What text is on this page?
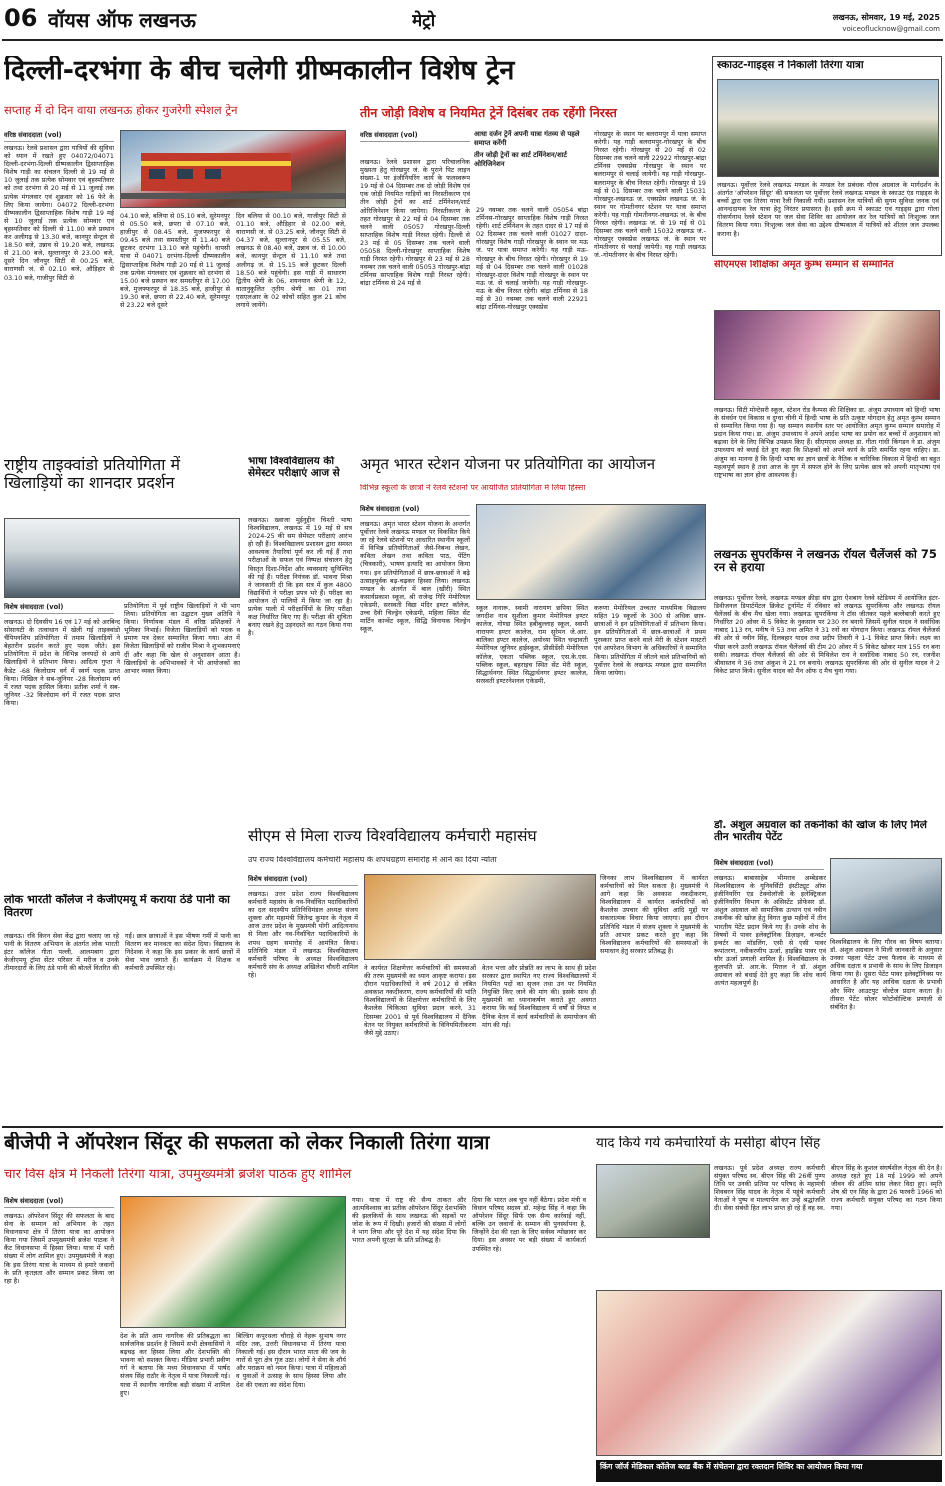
06 वॉयस ऑफ लखनऊ	मेट्रो	लखनऊ, सोमवार, 19 मई, 2025
voiceoflucknow@gmail.com
दिल्ली-दरभंगा के बीच चलेगी ग्रीष्मकालीन विशेष ट्रेन
सप्ताह में दो दिन वाया लखनऊ होकर गुजरेगी स्पेशल ट्रेन
वरिष्ठ संवाददाता (vol)
लखनऊ। रेलवे प्रशासन द्वारा यात्रियों की सुविधा को ध्यान में रखते हुए 04072/04071 दिल्ली-दरभंगा-दिल्ली ग्रीष्मकालीन द्विसाप्ताहिक विशेष गाड़ी का संचलन दिल्ली से 19 मई से 10 जुलाई तक प्रत्येक सोमवार एवं बृहस्पतिवार को तथा दरभंगा से 20 मई से 11 जुलाई तक प्रत्येक मंगलवार एवं शुक्रवार को 16 फेरे के लिए किया जायेगा। 04072 दिल्ली-दरभंगा ग्रीष्मकालीन द्विसाप्ताहिक विशेष गाड़ी 19 मई से 10 जुलाई तक प्रत्येक सोमवार एवं बृहस्पतिवार को दिल्ली से 11.00 बजे प्रस्थान कर अलीगढ़ से 13.30 बजे, कानपुर सेन्ट्रल से 18.50 बजे, उन्नाव से 19.20 बजे, लखनऊ से 21.00 बजे, सुल्तानपुर से 23.00 बजे, दूसरे दिन जौनपुर सिटी से 00.25 बजे, वाराणसी जं. से 02.10 बजे, औड़िहार से 03.10 बजे, गाजीपुर सिटी से
04.10 बजे, बलिया से 05.10 बजे, सुरेमनपुर से 05.50 बजे, छपरा से 07.10 बजे, हाजीपुर से 08.45 बजे, मुजफ्फरपुर से 09.45 बजे तथा समस्तीपुर से 11.40 बजे छूटकर दरभंगा 13.10 बजे पहुंचेगी। वापसी यात्रा में 04071 दरभंगा-दिल्ली ग्रीष्मकालीन द्विसाप्ताहिक विशेष गाड़ी 20 मई से 11 जुलाई तक प्रत्येक मंगलवार एवं शुक्रवार को दरभंगा से 15.00 बजे प्रस्थान कर समस्तीपुर से 17.00 बजे, मुजफ्फरपुर से 18.35 बजे, हाजीपुर से 19.30 बजे, छपरा से 22.40 बजे, सुरेमनपुर से 23.22 बजे दूसरे
दिन बलिया से 00.10 बजे, गाजीपुर सिटी से 01.10 बजे, औड़िहार से 02.00 बजे, वाराणसी जं. से 03.25 बजे, जौनपुर सिटी से 04.37 बजे, सुल्तानपुर से 05.55 बजे, लखनऊ से 08.40 बजे, उन्नाव जं. से 10.00 बजे, कानपुर सेन्ट्रल से 11.10 बजे तथा अलीगढ़ जं. से 15.15 बजे छूटकर दिल्ली 18.50 बजे पहुंचेगी। इस गाड़ी में साधारण द्वितीय श्रेणी के 06, शयनयान श्रेणी के 12, वातानुकूलित तृतीय श्रेणी का 01 तथा एसएलआर के 02 कोचों सहित कुल 21 कोच लगाये जायेंगे।
तीन जोड़ी विशेष व नियमित ट्रेनें दिसंबर तक रहेंगी निरस्त
वरिष्ठ संवाददाता (vol)	आधा दर्जन ट्रेनें अपनी यात्रा गंतव्य से पहले समाप्त करेंगी
तीन जोड़ी ट्रेनों का शार्ट टर्मिनेशन/शार्ट ओरिजिनेशन
लखनऊ। रेलवे प्रशासन द्वारा परिचालनिक मुख्यता हेतु गोरखपुर जं. के पुराने पिट लाइन संख्या-1 पर इंजीनियरिंग कार्य के फलस्वरूप 19 मई से 04 दिसम्बर तक दो जोड़ी विशेष एवं एक जोड़ी नियमित गाड़ियों का निरस्तीकरण एवं तीन जोड़ी ट्रेनों का शार्ट टर्मिनेशन/शार्ट ओरिजिनेशन किया जायेगा। निरस्तीकरण के तहत गोरखपुर से 22 मई से 04 दिसम्बर तक चलने वाली 05057 गोरखपुर-दिल्ली साप्ताहिक विशेष गाड़ी निरस्त रहेगी। दिल्ली से 23 मई से 05 दिसम्बर तक चलने वाली 05058 दिल्ली-गोरखपुर साप्ताहिक विशेष गाड़ी निरस्त रहेगी। गोरखपुर से 23 मई से 28 नवम्बर तक चलने वाली 05053 गोरखपुर-बांद्रा टर्मिनस साप्ताहिक विशेष गाड़ी निरस्त रहेगी। बांद्रा टर्मिनस से 24 मई से
29 नवम्बर तक चलने वाली 05054 बांद्रा टर्मिनस-गोरखपुर साप्ताहिक विशेष गाड़ी निरस्त रहेगी। शार्ट टर्मिनेशन के तहत दादर से 17 मई से 02 दिसम्बर तक चलने वाली 01027 दादर-गोरखपुर विशेष गाड़ी गोरखपुर के स्थान पर मऊ जं. पर यात्रा समाप्त करेगी। यह गाड़ी मऊ-गोरखपुर के बीच निरस्त रहेगी। गोरखपुर से 19 मई से 04 दिसम्बर तक चलने वाली 01028 गोरखपुर-दादर विशेष गाड़ी गोरखपुर के स्थान पर मऊ जं. से चलाई जायेगी। यह गाड़ी गोरखपुर-मऊ के बीच निरस्त रहेगी। बांद्रा टर्मिनस से 18 मई से 30 नवम्बर तक चलने वाली 22921 बांद्रा टर्मिनस-गोरखपुर एक्सप्रेस
गोरखपुर के स्थान पर बलरामपुर में यात्रा समाप्त करेगी। यह गाड़ी बलरामपुर-गोरखपुर के बीच निरस्त रहेगी। गोरखपुर से 20 मई से 02 दिसम्बर तक चलने वाली 22922 गोरखपुर-बांद्रा टर्मिनस एक्सप्रेस गोरखपुर के स्थान पर बलरामपुर से चलाई जायेगी। यह गाड़ी गोरखपुर-बलरामपुर के बीच निरस्त रहेगी। गोरखपुर से 19 मई से 01 दिसम्बर तक चलने वाली 15031 गोरखपुर-लखनऊ जं. एक्सप्रेस लखनऊ जं. के स्थान पर गोमतीनगर स्टेशन पर यात्रा समाप्त करेगी। यह गाड़ी गोमतीनगर-लखनऊ जं. के बीच निरस्त रहेगी। लखनऊ जं. से 19 मई से 01 दिसम्बर तक चलने वाली 15032 लखनऊ जं.-गोरखपुर एक्सप्रेस लखनऊ जं. के स्थान पर गोमतीनगर से चलाई जायेगी। यह गाड़ी लखनऊ जं.-गोमतीनगर के बीच निरस्त रहेगी।
स्काउट-गाइड्स ने निकाली तिरंगा यात्रा
लखनऊ। पूर्वोत्तर रेलवे लखनऊ मण्डल के मण्डल रेल प्रबंधक गौरव अग्रवाल के मार्गदर्शन के अंतर्गत 'ऑपरेशन सिंदूर' की सफलता पर पूर्वोत्तर रेलवे लखनऊ मण्डल के स्काउट एंड गाइड्स के बच्चों द्वारा एक तिरंगा यात्रा रैली निकाली गयी। प्रशासन रेल यात्रियों की सुगम सुविधा जनक एवं आनन्ददायक रेल यात्रा हेतु निरंतर प्रयासरत है। इसी क्रम में स्काउट एवं गाइड्स द्वारा गोला गोकर्णनाथ रेलवे स्टेशन पर जल सेवा शिविर का आयोजन कर रेल यात्रियों को निःशुल्क जल वितरण किया गया। निःशुल्क जल सेवा का उद्देश्य ग्रीष्मकाल में यात्रियों को शीतल जल उपलब्ध कराना है।
सीएमएस शिक्षिका अमृत कुम्भ सम्मान से सम्मानित
लखनऊ। सिटी मोन्टेसरी स्कूल, स्टेशन रोड कैम्पस की शिक्षिका डा. अंजुम उपाध्याय को हिन्दी भाषा के संवर्धन एवं विकास व दुग्धा चीनी में हिन्दी भाषा के प्रति उत्कृष्ट योगदान हेतु अमृत कुम्भ सम्मान से सम्मानित किया गया है। यह सम्मान स्थानीय स्तर पर आयोजित अमृत कुम्भ सम्मान समारोह में प्रदान किया गया। डा. अंजुम उपाध्याय ने अपने आर्दश भाषा का प्रयोग कर बच्चों में अनुशासन को बढ़ावा देने के लिए विभिन्न उपक्रम किए हैं। सीएमएस अध्यक्ष डा. गीता गांधी किंगडन ने डा. अंजुम उपाध्याय को बधाई देते हुए कहा कि शिक्षकों को अपने कार्य के प्रति समर्पित रहना चाहिए। डा. अंजुम का मानना है कि हिन्दी भाषा का ज्ञान छात्रों के नैतिक व चारित्रिक विकास में हिन्दी का बहुत महत्वपूर्ण स्थान है तथा आज के युग में सफल होने के लिए प्रत्येक छात्र को अपनी मातृभाषा एवं राष्ट्रभाषा का ज्ञान होना आवश्यक है।
लखनऊ सुपरकिंग्स ने लखनऊ रॉयल चैलेंजर्स को 75 रन से हराया
लखनऊ। पूर्वोत्तर रेलवे, लखनऊ मण्डल क्रीड़ा संघ द्वारा ऐशबाग रेलवे स्टेडियम में आयोजित इंटर-डिवीजनल डिपार्टमेंटल क्रिकेट टूर्नामेंट में रविवार को लखनऊ सुपरकिंग्स और लखनऊ रॉयल चैलेंजर्स के बीच मैच खेला गया। लखनऊ सुपरकिंग्स ने टॉस जीतकर पहले बल्लेबाजी करते हुए निर्धारित 20 ओवर में 5 विकेट के नुकसान पर 230 रन बनाये जिसमें सुनील यादव ने सर्वाधिक नाबाद 113 रन, मनीष ने 53 तथा अमित ने 31 रनों का योगदान किया। लखनऊ रॉयल चैलेंजर्स की ओर से नवीन सिंह, दिलबहार यादव तथा प्रदीप तिवारी ने 1-1 विकेट प्राप्त किये। लक्ष्य का पीछा करने उतरी लखनऊ रॉयल चैलेंजर्स की टीम 20 ओवर में 5 विकेट खोकर मात्र 155 रन बना सकी। लखनऊ रॉयल चैलेंजर्स की ओर से मिथिलेश राय ने सर्वाधिक नाबाद 50 रन, रजनीश श्रीवास्तव ने 36 तथा अंकुश ने 21 रन बनाये। लखनऊ सुपरकिंग्स की ओर से सुनील यादव ने 2 विकेट प्राप्त किये। सुनील यादव को मैन ऑफ द मैच चुना गया।
राष्ट्रीय ताइक्वांडो प्रतियोगिता में खिलाड़ियों का शानदार प्रदर्शन
विशेष संवाददाता (vol)
लखनऊ। दो दिवसीय 16 एवं 17 मई को अरबिन्द सोसायटी के तत्वाधान में खेली गई ताइक्वांडो चैंपियनशिप प्रतियोगिता में तमाम खिलाड़ियों ने बेहतरीन प्रदर्शन करते हुए पदक जीते। इस प्रतियोगिता में प्रदेश के विभिन्न जनपदों से आये खिलाड़ियों ने प्रतिभाग किया। आदित्य गुप्ता ने कैडेट -68 किलोग्राम वर्ग में स्वर्ण पदक प्राप्त किया। निखिल ने सब-जूनियर -28 किलोग्राम वर्ग में रजत पदक हासिल किया। प्रतीक शर्मा ने सब-जूनियर -32 किलोग्राम वर्ग में रजत पदक प्राप्त किया।
प्रतियोगिता में पूर्व राष्ट्रीय खिलाड़ियों ने भी भाग लिया। प्रतियोगिता का उद्घाटन मुख्य अतिथि ने किया। निर्णायक मंडल में वरिष्ठ प्रशिक्षकों ने भूमिका निभाई। विजेता खिलाड़ियों को पदक व प्रमाण पत्र देकर सम्मानित किया गया। अंत में विजेता खिलाड़ियों को राजीव मिश्रा ने शुभकामनाएं दीं और कहा कि खेल से अनुशासन आता है। खिलाड़ियों के अभिभावकों ने भी आयोजकों का आभार व्यक्त किया।
भाषा विश्वविद्यालय की सेमेस्टर परीक्षाएं आज से
लखनऊ। ख्वाजा मुईनुद्दीन चिश्ती भाषा विश्वविद्यालय, लखनऊ में 19 मई से सत्र 2024-25 की सम सेमेस्टर परीक्षाएं आरंभ हो रही हैं। विश्वविद्यालय प्रशासन द्वारा समस्त आवश्यक तैयारियां पूर्ण कर ली गई हैं तथा परीक्षाओं के सफल एवं निष्पक्ष संचालन हेतु विस्तृत दिशा-निर्देश और व्यवस्थाएं सुनिश्चित की गई हैं। परीक्षा नियंत्रक डॉ. भावना मिश्रा ने जानकारी दी कि इस सत्र में कुल 4800 विद्यार्थियों ने परीक्षा प्रपत्र भरे हैं। परीक्षा का आयोजन दो पालियों में किया जा रहा है। प्रत्येक पाली में परीक्षार्थियों के लिए परीक्षा कक्ष निर्धारित किए गए हैं। परीक्षा की शुचिता बनाए रखने हेतु उड़नदस्ते का गठन किया गया है।
अमृत भारत स्टेशन योजना पर प्रतियोगिता का आयोजन
विभिन्न स्कूलों के छात्रों ने रेलवे स्टेशनों पर आयोजित प्रतियोगिता में लिया हिस्सा
विशेष संवाददाता (vol)
लखनऊ। अमृत भारत स्टेशन योजना के अन्तर्गत पूर्वोत्तर रेलवे लखनऊ मण्डल पर विकसित किये जा रहे रेलवे स्टेशनों पर आधारित स्थानीय स्कूलों में विभिन्न प्रतियोगिताओं जैसे-निबन्ध लेखन, कविता लेखन तथा कविता पाठ, पेंटिंग (चित्रकारी), भाषण इत्यादि का आयोजन किया गया। इन प्रतियोगिताओं में छात्र-छात्राओं ने बढ़े उत्साहपूर्वक बढ़-चढ़कर हिस्सा लिया। लखनऊ मण्डल के अंतर्गत में बाल (खीरी) स्थित कसार्यप्रकाश स्कूल, श्री राजेन्द्र गिरि मेमोरियल एकेडमी, सरस्वती विद्या मंदिर इण्टर कॉलेज, उच्च दैवी चिल्ड्रेन एकेडमी, महिला स्थित सेंट मार्टिन कान्वेंट स्कूल, सिद्धि विनायक चिल्ड्रेन स्कूल,
स्कूल नानारू, स्वामी नारायण छपिया स्थित जगदीश नाथ सुशीला कुमार मेमोरियल इण्टर कालेज, गोण्डा स्थित हबीबुल्लाह स्कूल, स्वामी नारायण इण्टर कालेज, राम सुरेमन जे.आर. बालिका इण्टर कालेज, अयोध्या स्थित चन्द्रावती मेमोरियल जूनियर हाईस्कूल, प्रीसीडेंसी मेमोरियल कॉलेज, एकता पब्लिक स्कूल, एस.के.एस. पब्लिक स्कूल, बहराइच स्थित सेंट मेरी स्कूल, सिद्धार्थनगर स्थित सिद्धार्थनगर इण्टर कालेज, सरस्वती इण्टरनेशनल एकेडमी,
करुणा मेमोरियल उच्चतर माध्यमिक विद्यालय सहित 19 स्कूलों के 300 से अधिक छात्र-छात्राओं ने इन प्रतियोगिताओं में प्रतिभाग किया। इन प्रतियोगिताओं में छात्र-छात्राओं ने प्रथम पुरस्कार प्राप्त करने वाले मेरी के स्टेशन मास्टरों एवं आपरेशन विभाग के अधिकारियों ने सम्मानित किया। प्रतियोगिता में जीतने वाले प्रतिभागियों को पूर्वोत्तर रेलवे के लखनऊ मण्डल द्वारा सम्मानित किया जायेगा।
सीएम से मिला राज्य विश्वविद्यालय कर्मचारी महासंघ
उप राज्य विश्वविद्यालय कर्मचारी महासंघ के शपथग्रहण समारोह में आने का दिया न्योता
विशेष संवाददाता (vol)
लखनऊ। उत्तर प्रदेश राज्य विश्वविद्यालय कर्मचारी महासंघ के नव-निर्वाचित पदाधिकारियों का दल सदस्यीय प्रतिनिधिमंडल अध्यक्ष संजय शुक्ला और महामंत्री जितेन्द्र कुमार के नेतृत्व में आज उत्तर प्रदेश के मुख्यमंत्री योगी आदित्यनाथ से मिला और नव-निर्वाचित पदाधिकारियों के शपथ ग्रहण समारोह में आमंत्रित किया। प्रतिनिधि मंडल में लखनऊ विश्वविद्यालय कर्मचारी परिषद के अध्यक्ष विश्वविद्यालय कर्मचारी संघ के अध्यक्ष अखिलेश चौधरी शामिल रहे।
ने कार्यरत शिक्षणेत्तर कर्मचारियों की समस्याओं की तरफ मुख्यमंत्री का ध्यान आकृष्ट कराया। इस दौरान पदाधिकारियों ने वर्ष 2012 से लंबित अवकाश नकदीकरण, राज्य कर्मचारियों की भांति विश्वविद्यालयों के शिक्षणेत्तर कर्मचारियों के लिए कैशलेस चिकित्सा सुविधा प्रदान करने, 31 दिसम्बर 2001 से पूर्व विश्वविद्यालय में दैनिक वेतन पर नियुक्त कर्मचारियों के विनियमितीकरण जैसे मुद्दे उठाए।
वेतन भत्ता और प्रोन्नति का लाभ के साथ ही प्रदेश सरकार द्वारा स्थापित नए राज्य विश्वविद्यालयों में नियमित पदों का सृजन तथा उन पर नियमित नियुक्ति किए जाने की मांग की। इसके साथ ही मुख्यमंत्री का ध्यानाकर्षण कराते हुए अवगत कराया कि कई विश्वविद्यालय में वर्षों से नियत व दैनिक वेतन में कार्य कर्मचारियों के समायोजन की मांग की गई।
जिनका लाभ विश्वविद्यालय में कार्यरत कर्मचारियों को मिल सकता है। मुख्यमंत्री ने आगे कहा कि अवकाश नकदीकरण, विश्वविद्यालय में कार्यरत कर्मचारियों को कैशलेस उपचार की सुविधा आदि मुद्दों पर सकारात्मक विचार किया जाएगा। इस दौरान प्रतिनिधि मंडल में संजय शुक्ला ने मुख्यमंत्री के प्रति आभार प्रकट करते हुए कहा कि विश्वविद्यालय कर्मचारियों की समस्याओं के समाधान हेतु सरकार प्रतिबद्ध है।
डॉ. अंशुल अग्रवाल को तकनीकों की खोज के लिए मिले तीन भारतीय पेटेंट
विशेष संवाददाता (vol)
लखनऊ। बाबासाहेब भीमराव अम्बेडकर विश्वविद्यालय के यूनिवर्सिटी इंस्टीट्यूट ऑफ इंजीनियरिंग एंड टेक्नोलॉजी के इलेक्ट्रिकल इंजीनियरिंग विभाग के असिस्टेंट प्रोफेसर डॉ. अंशुल अग्रवाल को सामाजिक उत्थान एवं नवीन तकनीक की खोज हेतु विगत कुछ महीनों में तीन भारतीय पेटेंट प्रदान किये गए हैं। उनके शोध के विषयों में पावर इलेक्ट्रॉनिक डिज़ाइन, कन्वर्टर इन्वर्टर का मॉडलिंग, एसी से एसी पावर रूपांतरण, नवीकरणीय ऊर्जा, हाइब्रिड पावर एवं सौर ऊर्जा प्रणाली शामिल हैं। विश्वविद्यालय के कुलपति प्रो. आर.के. मित्तल ने डॉ. अंशुल अग्रवाल को बधाई देते हुए कहा कि शोध कार्य अत्यंत महत्वपूर्ण है।
विश्वविद्यालय के लिए गौरव का विषय बताया। डॉ. अंशुल अग्रवाल ने मिली जानकारी के अनुसार उनका पहला पेटेंट उच्च फैलाव के माध्यम से अधिक दक्षता व प्रभावी के साथ के लिए डिजाइन किया गया है। दूसरा पेटेंट पावर इलेक्ट्रॉनिक्स पर आधारित है और यह आधिक दक्षता के प्रभावी और स्थिर आउटपुट वोल्टेज प्रदान करता है। तीसरा पेटेंट सोलर फोटोवोल्टिक प्रणाली से संबंधित है।
लोक भारती कॉलेज ने केजीएमयू में कराया ठंडे पानी का वितरण
लखनऊ। रवि किरन सेवा केंद्र द्वारा चलाए जा रहे पानी के वितरण अभियान के अंतर्गत लोक भारती इंटर कॉलेज गीता पल्ली, आलमबाग द्वारा केजीएमयू ट्रॉमा सेंटर परिसर में मरीज व उनके तीमारदारों के लिए ठंडे पानी की बोतलें वितरित की गईं। छात्र छात्राओं ने इस भीषण गर्मी में पानी का वितरण कर मानवता का संदेश दिया। विद्यालय के निदेशक ने कहा कि इस प्रकार के कार्य छात्रों में सेवा भाव जगाते हैं। कार्यक्रम में शिक्षक व कर्मचारी उपस्थित रहे।
बीजेपी ने ऑपरेशन सिंदूर की सफलता को लेकर निकाली तिरंगा यात्रा
चार विस क्षेत्र में निकली तिरंगा यात्रा, उपमुख्यमंत्री ब्रजेश पाठक हुए शामिल
विशेष संवाददाता (vol)
लखनऊ। ऑपरेशन सिंदूर की सफलता के बाद सेना के सम्मान को अभियान के तहत विधानसभा क्षेत्र में तिरंगा यात्रा का आयोजन किया गया जिसमें उपमुख्यमंत्री ब्रजेश पाठक ने कैंट विधानसभा में हिस्सा लिया। यात्रा में भारी संख्या में लोग शामिल हुए। उपमुख्यमंत्री ने कहा कि इस तिरंगा यात्रा के माध्यम से हमारे जवानों के प्रति कृतज्ञता और सम्मान प्रकट किया जा रहा है।
देश के प्रति आम नागरिक की प्रतिबद्धता का सार्वजनिक प्रदर्शन है जिसमें सभी क्षेत्रवासियों ने बढ़चढ़ कर हिस्सा लिया और देशभक्ति की भावना को सशक्त किया। मीडिया प्रभारी प्रवीण गर्ग ने बताया कि मध्य विधानसभा में पार्षद संजय सिंह राठौर के नेतृत्व में यात्रा निकाली गई। यात्रा में स्थानीय नागरिक बड़ी संख्या में शामिल हुए।
बिल्डिंग कपूरथला चौराहे से नेहरू सुभाष नगर मंदिर तक, उत्तरी विधानसभा में तिरंगा यात्रा निकाली गई। इस दौरान भारत माता की जय के नारों से पूरा क्षेत्र गूंज उठा। लोगों ने सेना के शौर्य और पराक्रम को नमन किया। यात्रा में महिलाओं व युवाओं ने उत्साह के साथ हिस्सा लिया और देश की एकता का संदेश दिया।
गया। यात्रा में राष्ट्र की सैन्य ताकत और आत्मविश्वास का प्रतीक ऑपरेशन सिंदूर देशभक्ति की झलकियों के साथ लखनऊ की सड़कों पर जोश के रूप में दिखी। हजारों की संख्या में लोगों ने भाग लिया और पूरे देश में यह संदेश दिया कि भारत अपनी सुरक्षा के प्रति प्रतिबद्ध है।
दिया कि भारत अब चुप नहीं बैठेगा। प्रदेश मंत्री व विधान परिषद सदस्य डॉ. महेन्द्र सिंह ने कहा कि ऑपरेशन सिंदूर सिर्फ एक सैन्य कार्रवाई नहीं, बल्कि उन जवानों के सम्मान की पुनर्स्थापना है, जिन्होंने देश की रक्षा के लिए सर्वस्व न्योछावर कर दिया। इस अवसर पर बड़ी संख्या में कार्यकर्ता उपस्थित रहे।
याद किये गये कर्मचारियों के मसीहा बीएन सिंह
लखनऊ। पूर्व प्रदेश अध्यक्ष राज्य कर्मचारी संयुक्त परिषद स्व. बीएन सिंह की 26वीं पुण्य तिथि पर उनकी प्रतिमा पर परिषद के महामंत्री शिवबरन सिंह यादव के नेतृत्व में पहुंचे कर्मचारी नेताओं ने पुष्प व माल्यार्पण कर उन्हें श्रद्धांजलि दी। सेवा संबंधी हित लाभ प्राप्त हो रहे हैं वह स्व. बीएन सिंह के कुशल संघर्षशील नेतृत्व की देन है। अध्यक्ष रहते हुए 18 मई 1999 को अपने जीवन की अंतिम सांस लेकर विदा हुए। स्मृति शेष श्री एन सिंह के द्वारा 26 फरवरी 1966 को राज्य कर्मचारी संयुक्त परिषद का गठन किया गया।
किंग जॉर्ज मेडिकल कॉलेज ब्लड बैंक में संचेतना द्वारा रक्तदान शिविर का आयोजन किया गया
